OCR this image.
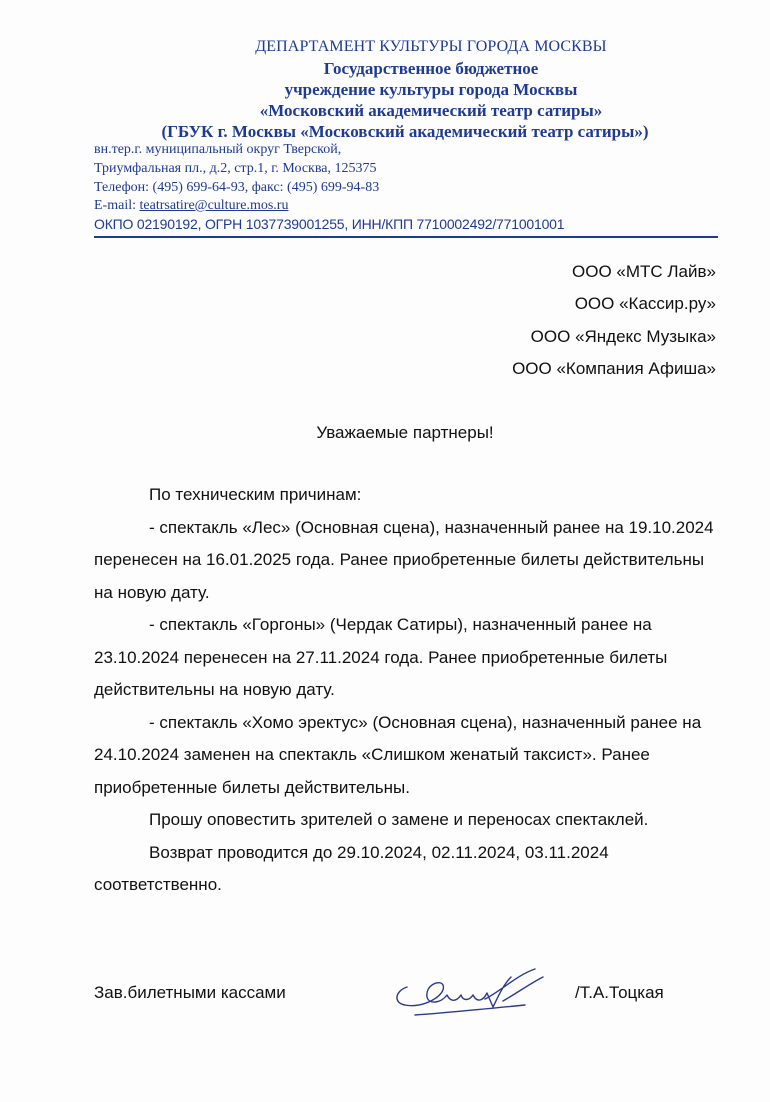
ДЕПАРТАМЕНТ КУЛЬТУРЫ ГОРОДА МОСКВЫ
Государственное бюджетное
учреждение культуры города Москвы
«Московский академический театр сатиры»
(ГБУК г. Москвы «Московский академический театр сатиры»)
вн.тер.г. муниципальный округ Тверской,
Триумфальная пл., д.2, стр.1, г. Москва, 125375
Телефон: (495) 699-64-93, факс: (495) 699-94-83
E-mail: teatrsatire@culture.mos.ru
ОКПО 02190192, ОГРН 1037739001255, ИНН/КПП 7710002492/771001001
ООО «МТС Лайв»
ООО «Кассир.ру»
ООО «Яндекс Музыка»
ООО «Компания Афиша»
Уважаемые партнеры!

По техническим причинам:

- спектакль «Лес» (Основная сцена), назначенный ранее на 19.10.2024

перенесен на 16.01.2025 года. Ранее приобретенные билеты действительны

на новую дату.

- спектакль «Горгоны» (Чердак Сатиры), назначенный ранее на

23.10.2024 перенесен на 27.11.2024 года. Ранее приобретенные билеты

действительны на новую дату.

- спектакль «Хомо эректус» (Основная сцена), назначенный ранее на

24.10.2024 заменен на спектакль «Слишком женатый таксист». Ранее

приобретенные билеты действительны.

Прошу оповестить зрителей о замене и переносах спектаклей.

Возврат проводится до 29.10.2024, 02.11.2024, 03.11.2024

соответственно.

Зав.билетными кассами	/Т.А.Тоцкая
